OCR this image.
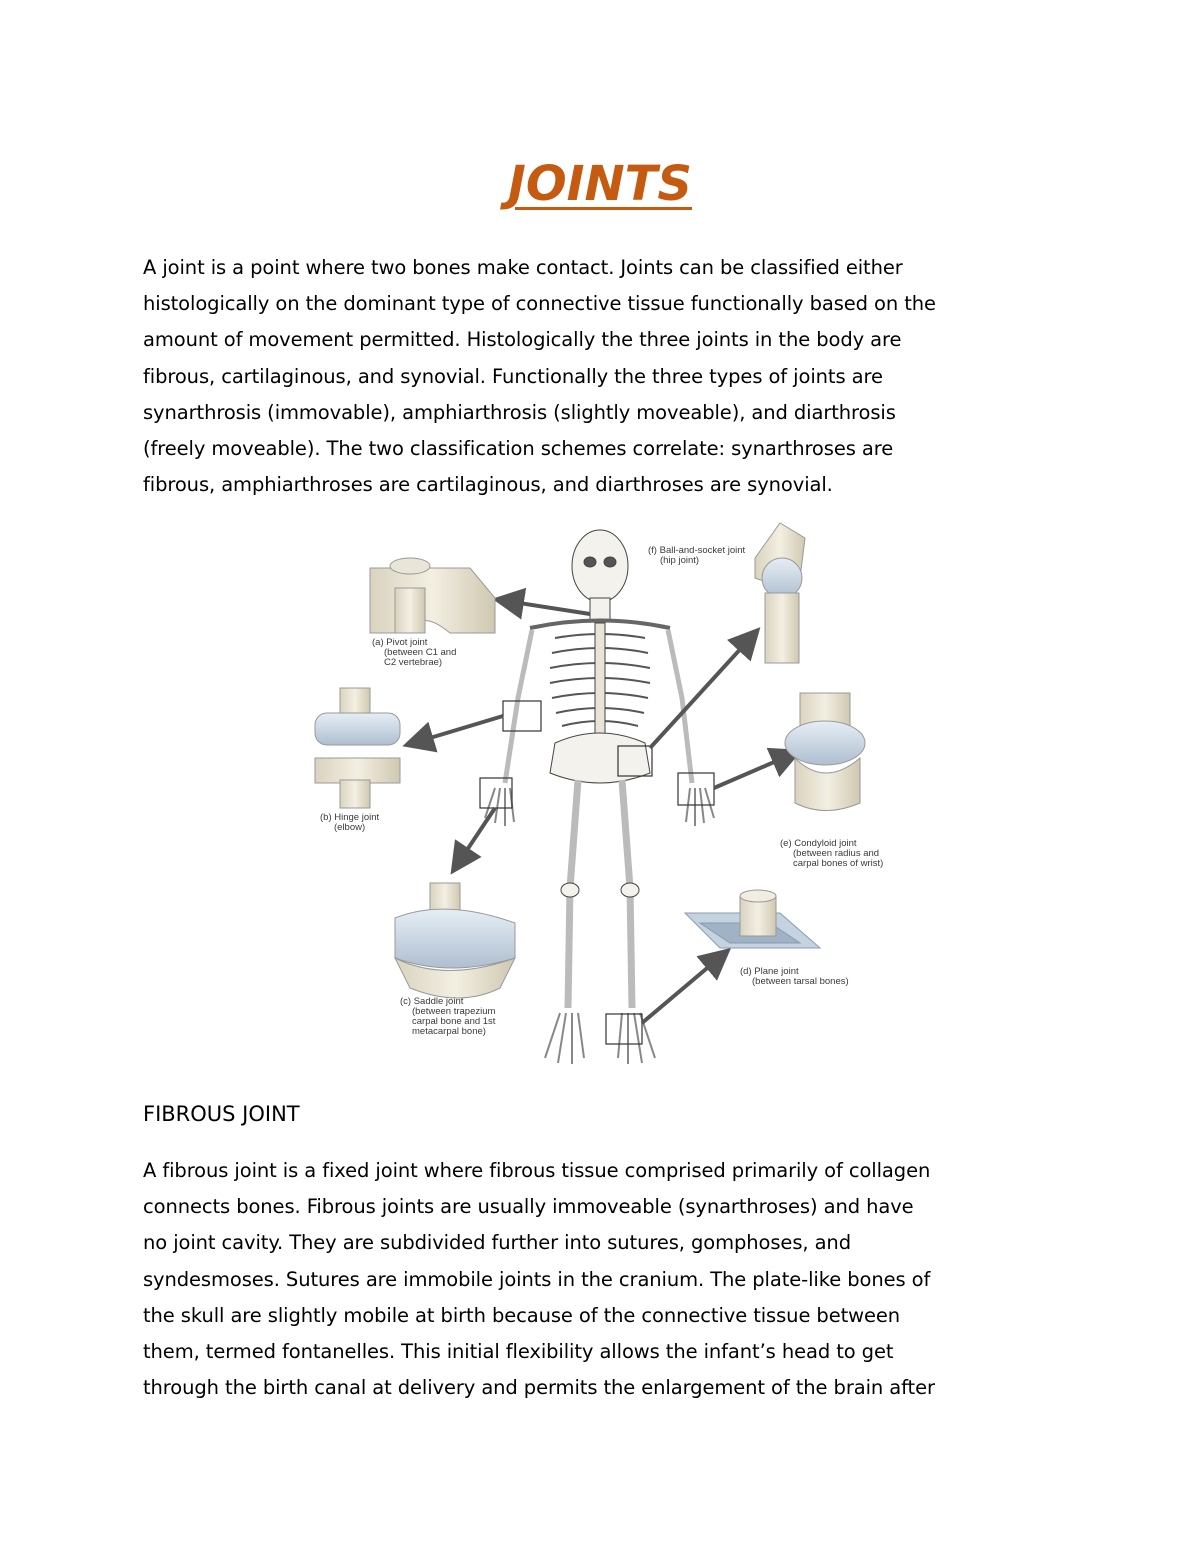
JOINTS
A joint is a point where two bones make contact. Joints can be classified either
histologically on the dominant type of connective tissue functionally based on the
amount of movement permitted. Histologically the three joints in the body are
fibrous, cartilaginous, and synovial. Functionally the three types of joints are
synarthrosis (immovable), amphiarthrosis (slightly moveable), and diarthrosis
(freely moveable). The two classification schemes correlate: synarthroses are
fibrous, amphiarthroses are cartilaginous, and diarthroses are synovial.
(a) Pivot joint (between C1 and C2 vertebrae)
(b) Hinge joint (elbow)
(c) Saddle joint (between trapezium carpal bone and 1st metacarpal bone)
(d) Plane joint (between tarsal bones)
(e) Condyloid joint (between radius and carpal bones of wrist)
(f) Ball-and-socket joint (hip joint)
FIBROUS JOINT
A fibrous joint is a fixed joint where fibrous tissue comprised primarily of collagen
connects bones. Fibrous joints are usually immoveable (synarthroses) and have
no joint cavity. They are subdivided further into sutures, gomphoses, and
syndesmoses. Sutures are immobile joints in the cranium. The plate-like bones of
the skull are slightly mobile at birth because of the connective tissue between
them, termed fontanelles. This initial flexibility allows the infant’s head to get
through the birth canal at delivery and permits the enlargement of the brain after
